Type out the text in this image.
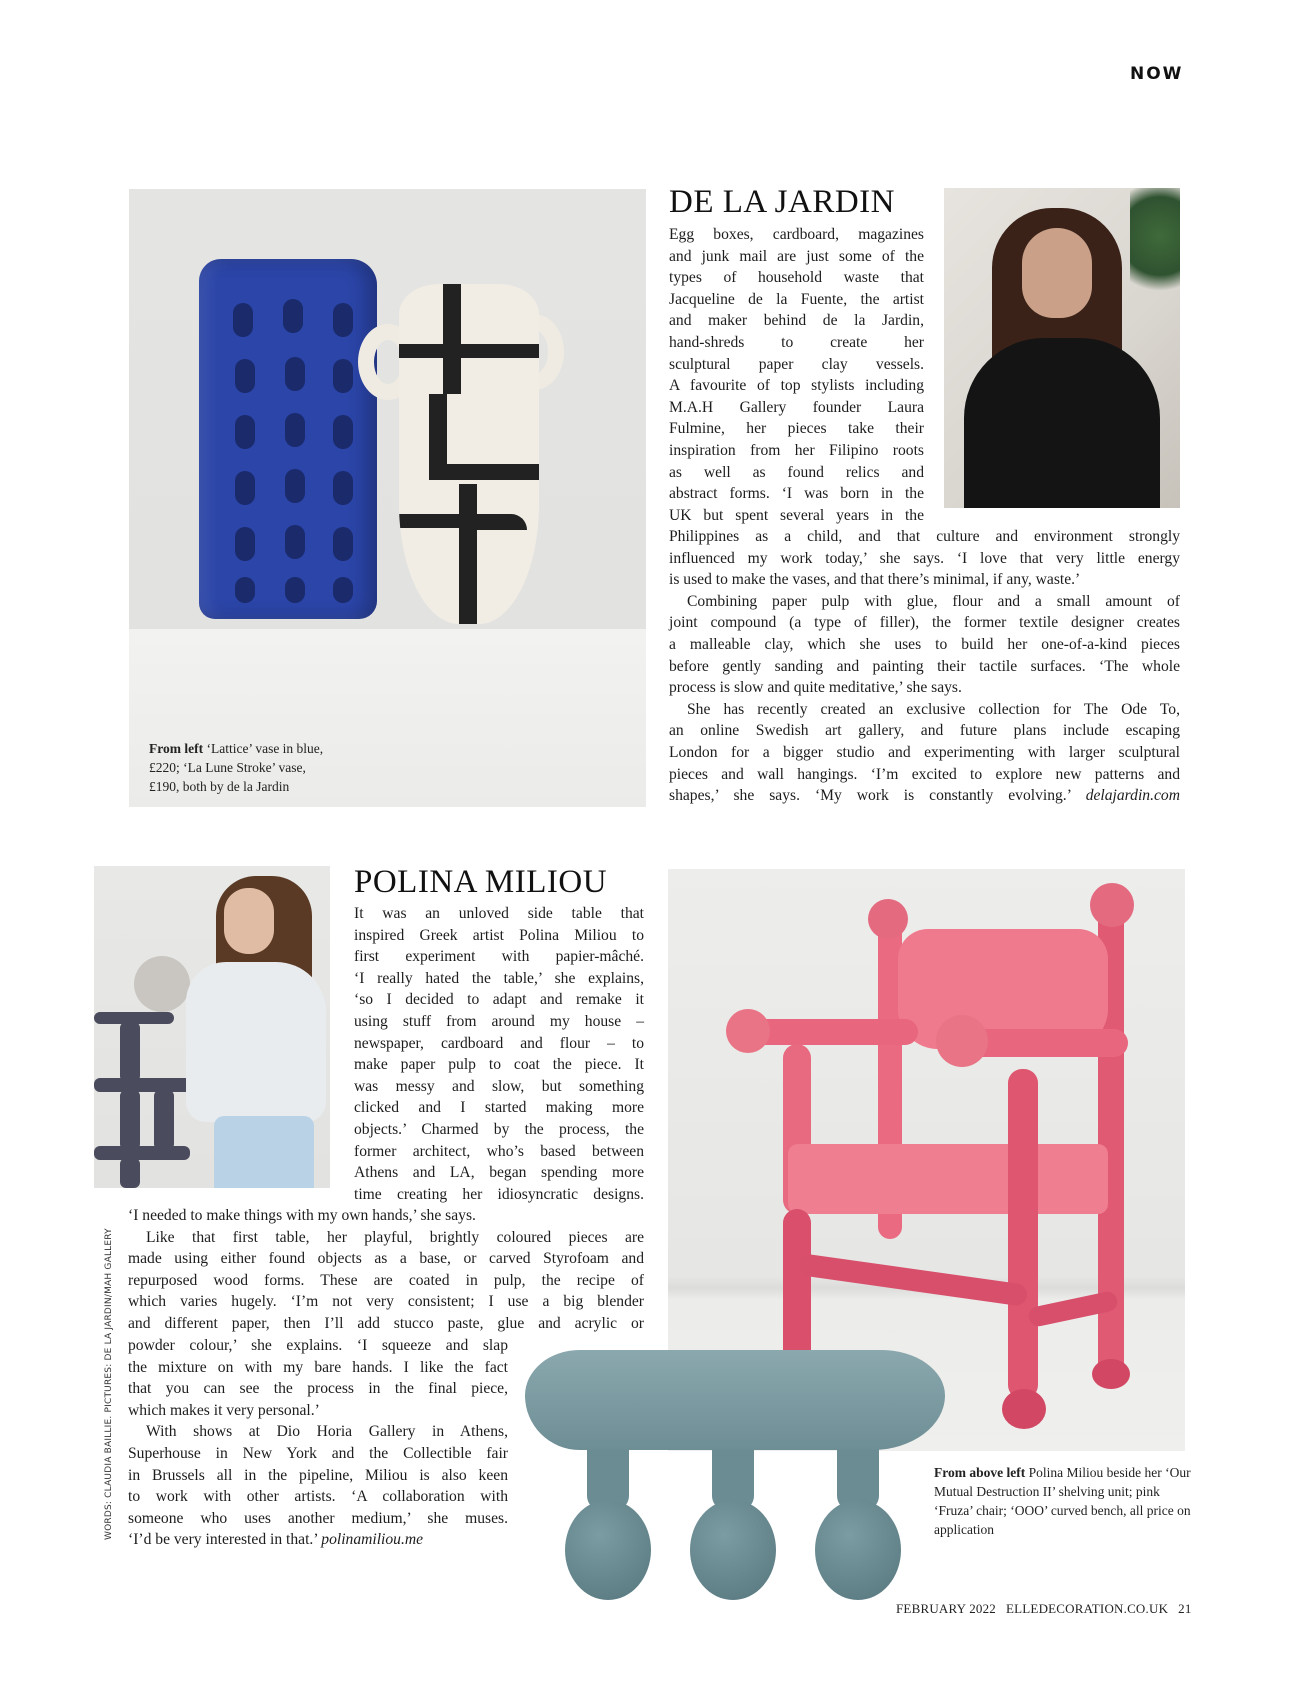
NOW
From left ‘Lattice’ vase in blue,
£220; ‘La Lune Stroke’ vase,
£190, both by de la Jardin
DE LA JARDIN
Egg boxes, cardboard, magazines
and junk mail are just some of the
types of household waste that
Jacqueline de la Fuente, the artist
and maker behind de la Jardin,
hand-shreds to create her
sculptural paper clay vessels.
A favourite of top stylists including
M.A.H Gallery founder Laura
Fulmine, her pieces take their
inspiration from her Filipino roots
as well as found relics and
abstract forms. ‘I was born in the
UK but spent several years in the
Philippines as a child, and that culture and environment strongly
influenced my work today,’ she says. ‘I love that very little energy
is used to make the vases, and that there’s minimal, if any, waste.’
Combining paper pulp with glue, flour and a small amount of
joint compound (a type of filler), the former textile designer creates
a malleable clay, which she uses to build her one-of-a-kind pieces
before gently sanding and painting their tactile surfaces. ‘The whole
process is slow and quite meditative,’ she says.
She has recently created an exclusive collection for The Ode To,
an online Swedish art gallery, and future plans include escaping
London for a bigger studio and experimenting with larger sculptural
pieces and wall hangings. ‘I’m excited to explore new patterns and
shapes,’ she says. ‘My work is constantly evolving.’ delajardin.com
POLINA MILIOU
It was an unloved side table that
inspired Greek artist Polina Miliou to
first experiment with papier-mâché.
‘I really hated the table,’ she explains,
‘so I decided to adapt and remake it
using stuff from around my house –
newspaper, cardboard and flour – to
make paper pulp to coat the piece. It
was messy and slow, but something
clicked and I started making more
objects.’ Charmed by the process, the
former architect, who’s based between
Athens and LA, began spending more
time creating her idiosyncratic designs.
‘I needed to make things with my own hands,’ she says.
Like that first table, her playful, brightly coloured pieces are
made using either found objects as a base, or carved Styrofoam and
repurposed wood forms. These are coated in pulp, the recipe of
which varies hugely. ‘I’m not very consistent; I use a big blender
and different paper, then I’ll add stucco paste, glue and acrylic or
powder colour,’ she explains. ‘I squeeze and slap
the mixture on with my bare hands. I like the fact
that you can see the process in the final piece,
which makes it very personal.’
With shows at Dio Horia Gallery in Athens,
Superhouse in New York and the Collectible fair
in Brussels all in the pipeline, Miliou is also keen
to work with other artists. ‘A collaboration with
someone who uses another medium,’ she muses.
‘I’d be very interested in that.’ polinamiliou.me
From above left Polina Miliou beside her ‘Our Mutual Destruction II’ shelving unit; pink ‘Fruza’ chair; ‘OOO’ curved bench, all price on application
WORDS: CLAUDIA BAILLIE. PICTURES: DE LA JARDIN/MAH GALLERY
FEBRUARY 2022 ELLEDECORATION.CO.UK 21
